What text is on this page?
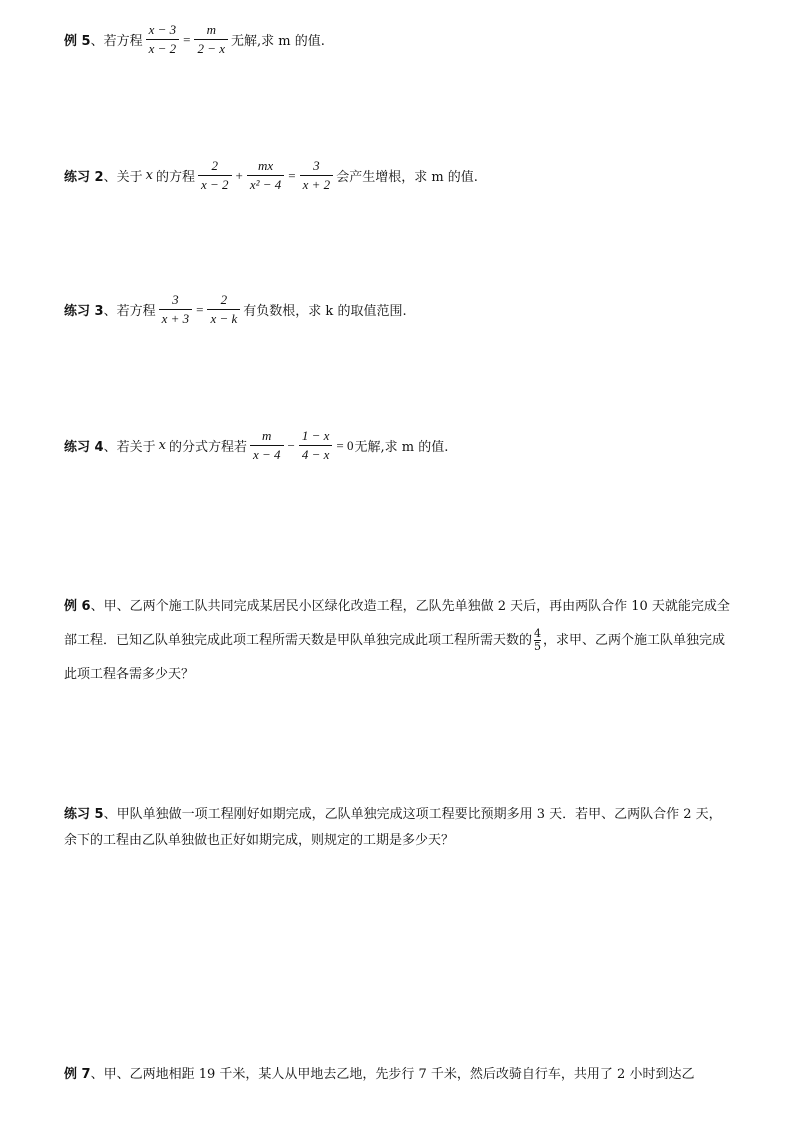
例 5 、若方程 $\frac{x - 3}{x - 2} = \frac{m}{2 - x}$ 无解,求 m 的值.
练习 2 、关于 x 的方程 $\frac{2}{x - 2} + \frac{mx}{\text{x² − 4}} = \frac{3}{x + 2}$ 会产生增根，求 m 的值.
练习 3 、若方程 $\frac{3}{x + 3} = \frac{2}{x - k}$ 有负数根，求 k 的取值范围.
练习 4 、若关于 x 的分式方程若 $\frac{m}{x - 4} - \frac{1 - x}{4 - x} = 0$ 无解,求 m 的值.
例 6、甲、乙两个施工队共同完成某居民小区绿化改造工程，乙队先单独做 2 天后，再由两队合作 10 天就能完成全部工程．已知乙队单独完成此项工程所需天数是甲队单独完成此项工程所需天数的 $\frac{4}{5}$ ，求甲、乙两个施工队单独完成此项工程各需多少天？
练习 5、甲队单独做一项工程刚好如期完成，乙队单独完成这项工程要比预期多用 3 天．若甲、乙两队合作 2 天，余下的工程由乙队单独做也正好如期完成，则规定的工期是多少天？
例 7、甲、乙两地相距 19 千米，某人从甲地去乙地，先步行 7 千米，然后改骑自行车，共用了 2 小时到达乙
